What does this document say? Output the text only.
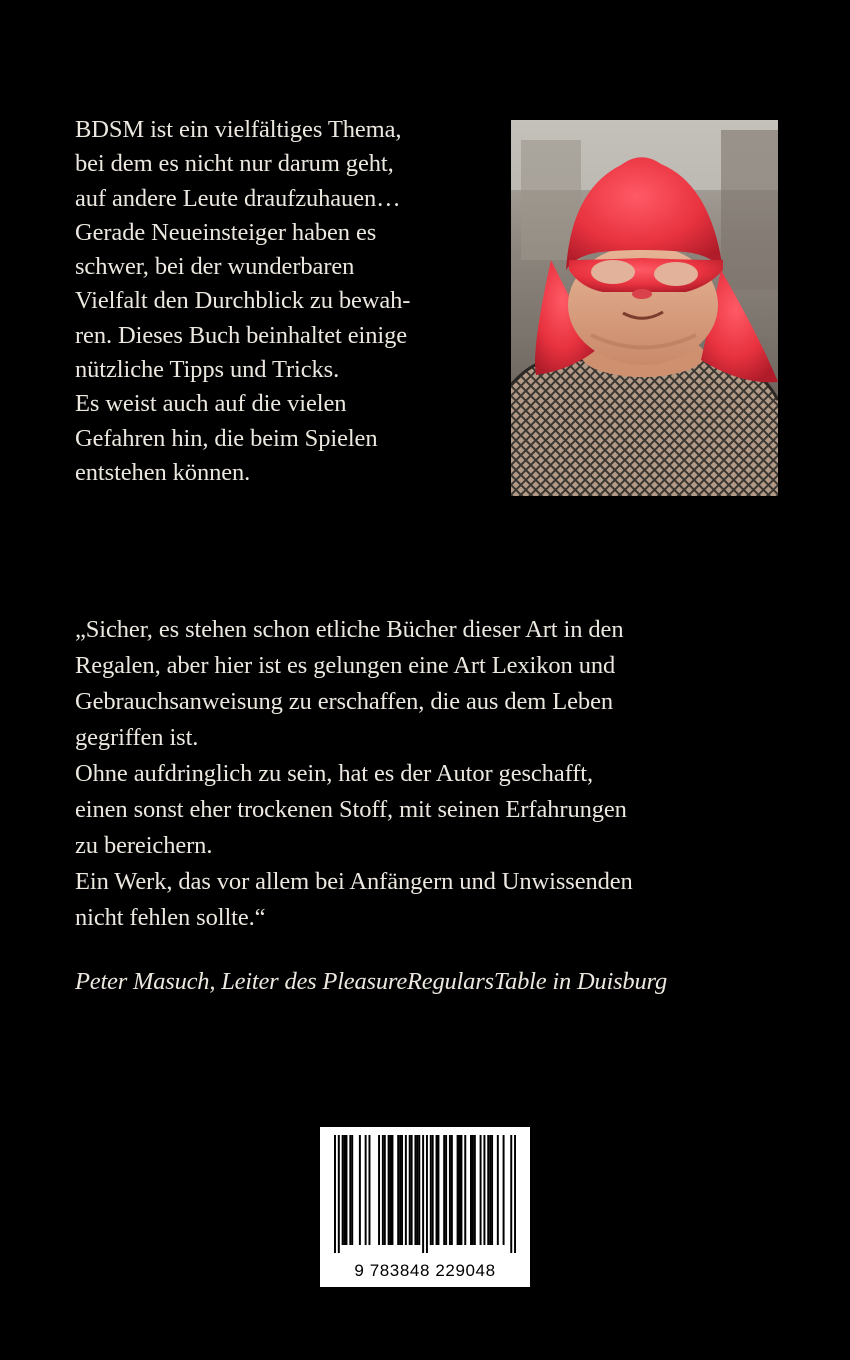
BDSM ist ein vielfältiges Thema,
bei dem es nicht nur darum geht,
auf andere Leute draufzuhauen…
Gerade Neueinsteiger haben es
schwer, bei der wunderbaren
Vielfalt den Durchblick zu bewah-
ren. Dieses Buch beinhaltet einige
nützliche Tipps und Tricks.
Es weist auch auf die vielen
Gefahren hin, die beim Spielen
entstehen können.
„Sicher, es stehen schon etliche Bücher dieser Art in den
Regalen, aber hier ist es gelungen eine Art Lexikon und
Gebrauchsanweisung zu erschaffen, die aus dem Leben
gegriffen ist.
Ohne aufdringlich zu sein, hat es der Autor geschafft,
einen sonst eher trockenen Stoff, mit seinen Erfahrungen
zu bereichern.
Ein Werk, das vor allem bei Anfängern und Unwissenden
nicht fehlen sollte.“
Peter Masuch, Leiter des PleasureRegularsTable in Duisburg
9 783848 229048
